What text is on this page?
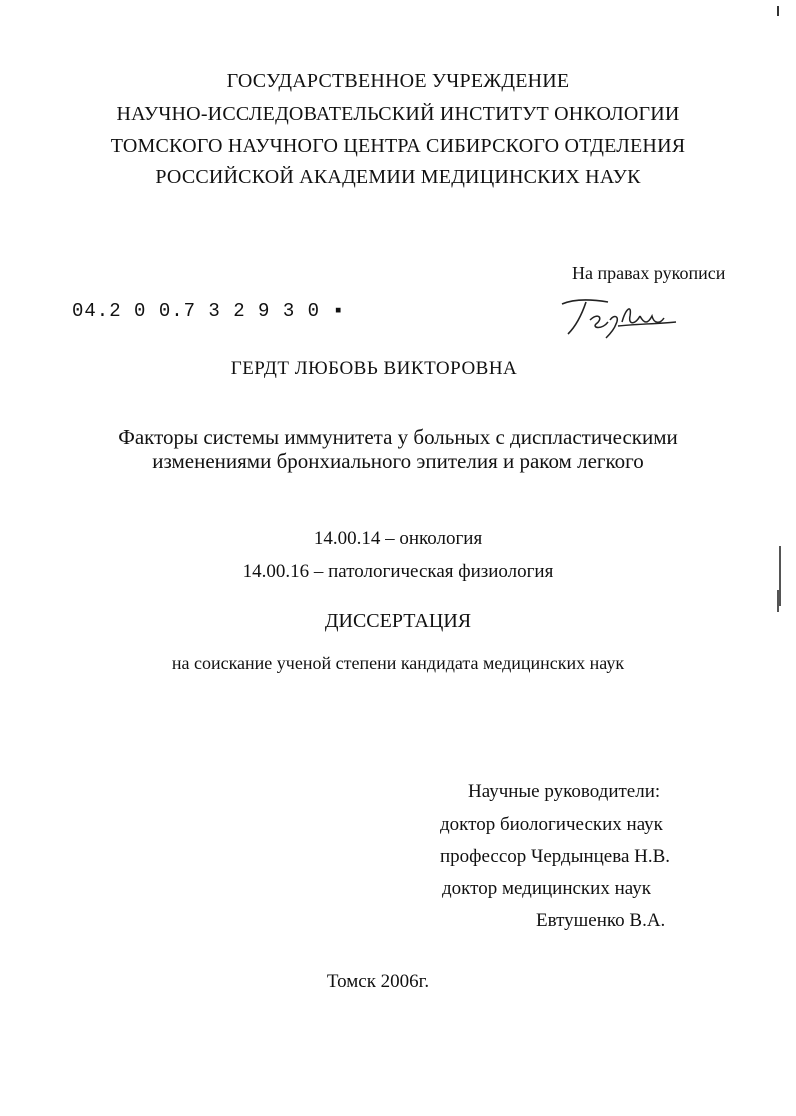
ГОСУДАРСТВЕННОЕ УЧРЕЖДЕНИЕ
НАУЧНО-ИССЛЕДОВАТЕЛЬСКИЙ ИНСТИТУТ ОНКОЛОГИИ
ТОМСКОГО НАУЧНОГО ЦЕНТРА СИБИРСКОГО ОТДЕЛЕНИЯ
РОССИЙСКОЙ АКАДЕМИИ МЕДИЦИНСКИХ НАУК
На правах рукописи
04.2 0 0.7 3 2 9 3 0 ▪
ГЕРДТ ЛЮБОВЬ ВИКТОРОВНА
Факторы системы иммунитета у больных с диспластическими
изменениями бронхиального эпителия и раком легкого
14.00.14 – онкология
14.00.16 – патологическая физиология
ДИССЕРТАЦИЯ
на соискание ученой степени кандидата медицинских наук
Научные руководители:
доктор биологических наук
профессор Чердынцева Н.В.
доктор медицинских наук
Евтушенко В.А.
Томск 2006г.
